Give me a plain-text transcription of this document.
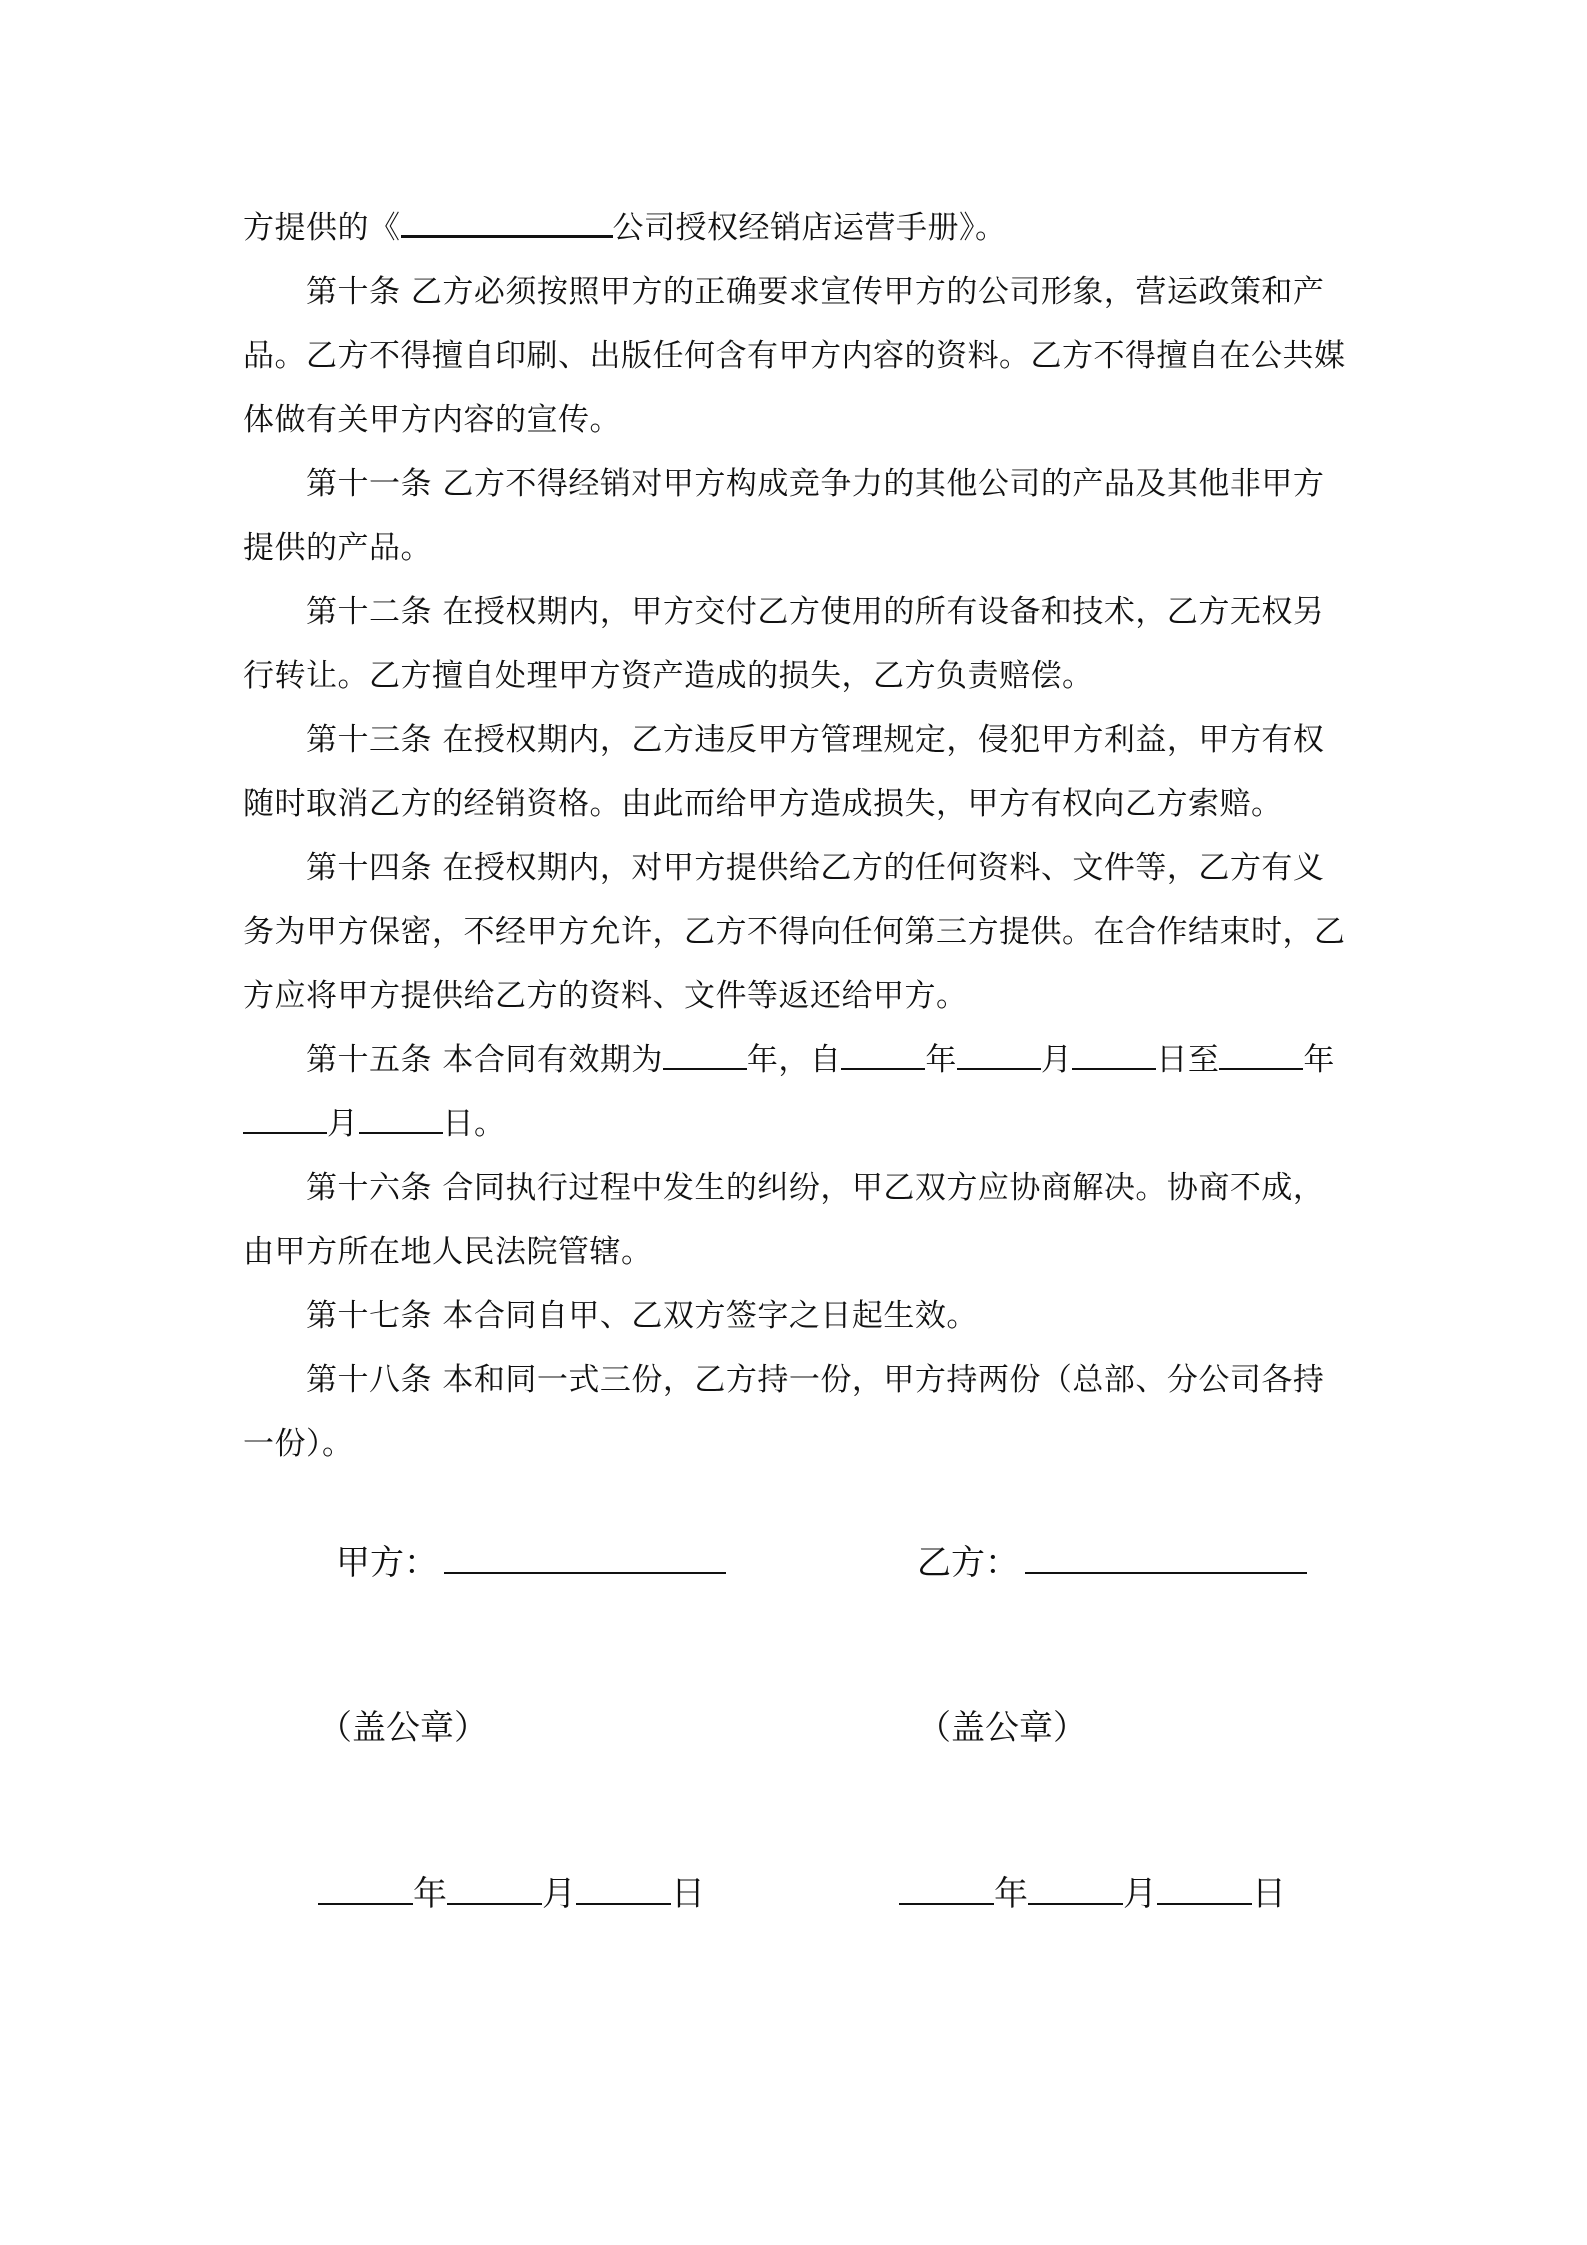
方提供的《	公司授权经销店运营手册》。
第十条 乙方必须按照甲方的正确要求宣传甲方的公司形象，营运政策和产
品。乙方不得擅自印刷、出版任何含有甲方内容的资料。乙方不得擅自在公共媒
体做有关甲方内容的宣传。
第十一条 乙方不得经销对甲方构成竞争力的其他公司的产品及其他非甲方
提供的产品。
第十二条 在授权期内，甲方交付乙方使用的所有设备和技术，乙方无权另
行转让。乙方擅自处理甲方资产造成的损失，乙方负责赔偿。
第十三条 在授权期内，乙方违反甲方管理规定，侵犯甲方利益，甲方有权
随时取消乙方的经销资格。由此而给甲方造成损失，甲方有权向乙方索赔。
第十四条 在授权期内，对甲方提供给乙方的任何资料、文件等，乙方有义
务为甲方保密，不经甲方允许，乙方不得向任何第三方提供。在合作结束时，乙
方应将甲方提供给乙方的资料、文件等返还给甲方。
第十五条 本合同有效期为	年，自	年	月	日至	年
月	日。
第十六条 合同执行过程中发生的纠纷，甲乙双方应协商解决。协商不成，
由甲方所在地人民法院管辖。
第十七条 本合同自甲、乙双方签字之日起生效。
第十八条 本和同一式三份，乙方持一份，甲方持两份（总部、分公司各持
一份）。
甲方：	乙方：
（盖公章）	（盖公章）
年	月	日	年	月	日
